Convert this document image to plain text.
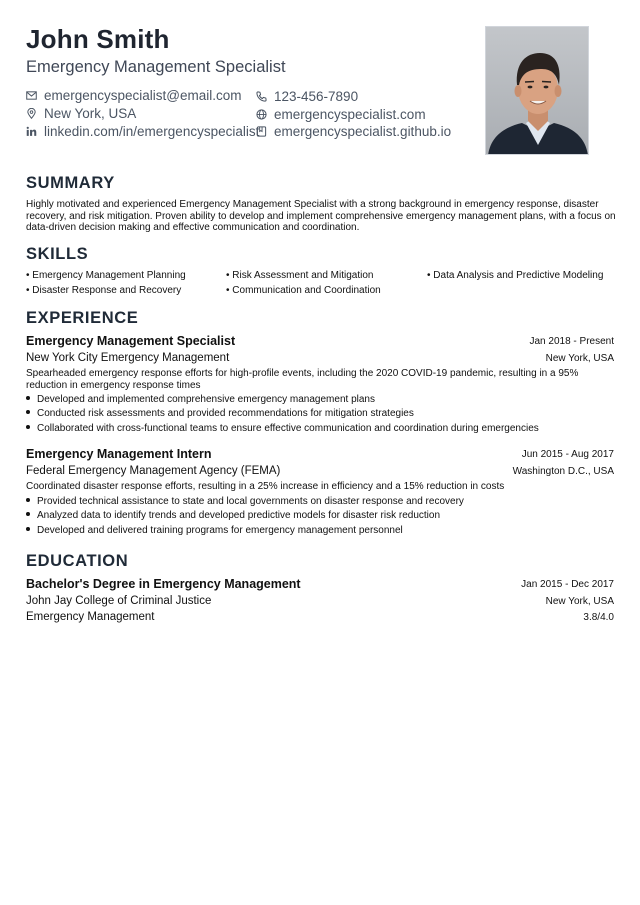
John Smith
Emergency Management Specialist
emergencyspecialist@email.com
New York, USA
linkedin.com/in/emergencyspecialist
123-456-7890
emergencyspecialist.com
emergencyspecialist.github.io
SUMMARY
Highly motivated and experienced Emergency Management Specialist with a strong background in emergency response, disaster recovery, and risk mitigation. Proven ability to develop and implement comprehensive emergency management plans, with a focus on data-driven decision making and effective communication and coordination.
SKILLS
• Emergency Management Planning	• Risk Assessment and Mitigation	• Data Analysis and Predictive Modeling
• Disaster Response and Recovery	• Communication and Coordination
EXPERIENCE
Emergency Management Specialist	Jan 2018 - Present
New York City Emergency Management	New York, USA
Spearheaded emergency response efforts for high-profile events, including the 2020 COVID-19 pandemic, resulting in a 95% reduction in emergency response times
Developed and implemented comprehensive emergency management plans
Conducted risk assessments and provided recommendations for mitigation strategies
Collaborated with cross-functional teams to ensure effective communication and coordination during emergencies
Emergency Management Intern	Jun 2015 - Aug 2017
Federal Emergency Management Agency (FEMA)	Washington D.C., USA
Coordinated disaster response efforts, resulting in a 25% increase in efficiency and a 15% reduction in costs
Provided technical assistance to state and local governments on disaster response and recovery
Analyzed data to identify trends and developed predictive models for disaster risk reduction
Developed and delivered training programs for emergency management personnel
EDUCATION
Bachelor's Degree in Emergency Management	Jan 2015 - Dec 2017
John Jay College of Criminal Justice	New York, USA
Emergency Management	3.8/4.0
